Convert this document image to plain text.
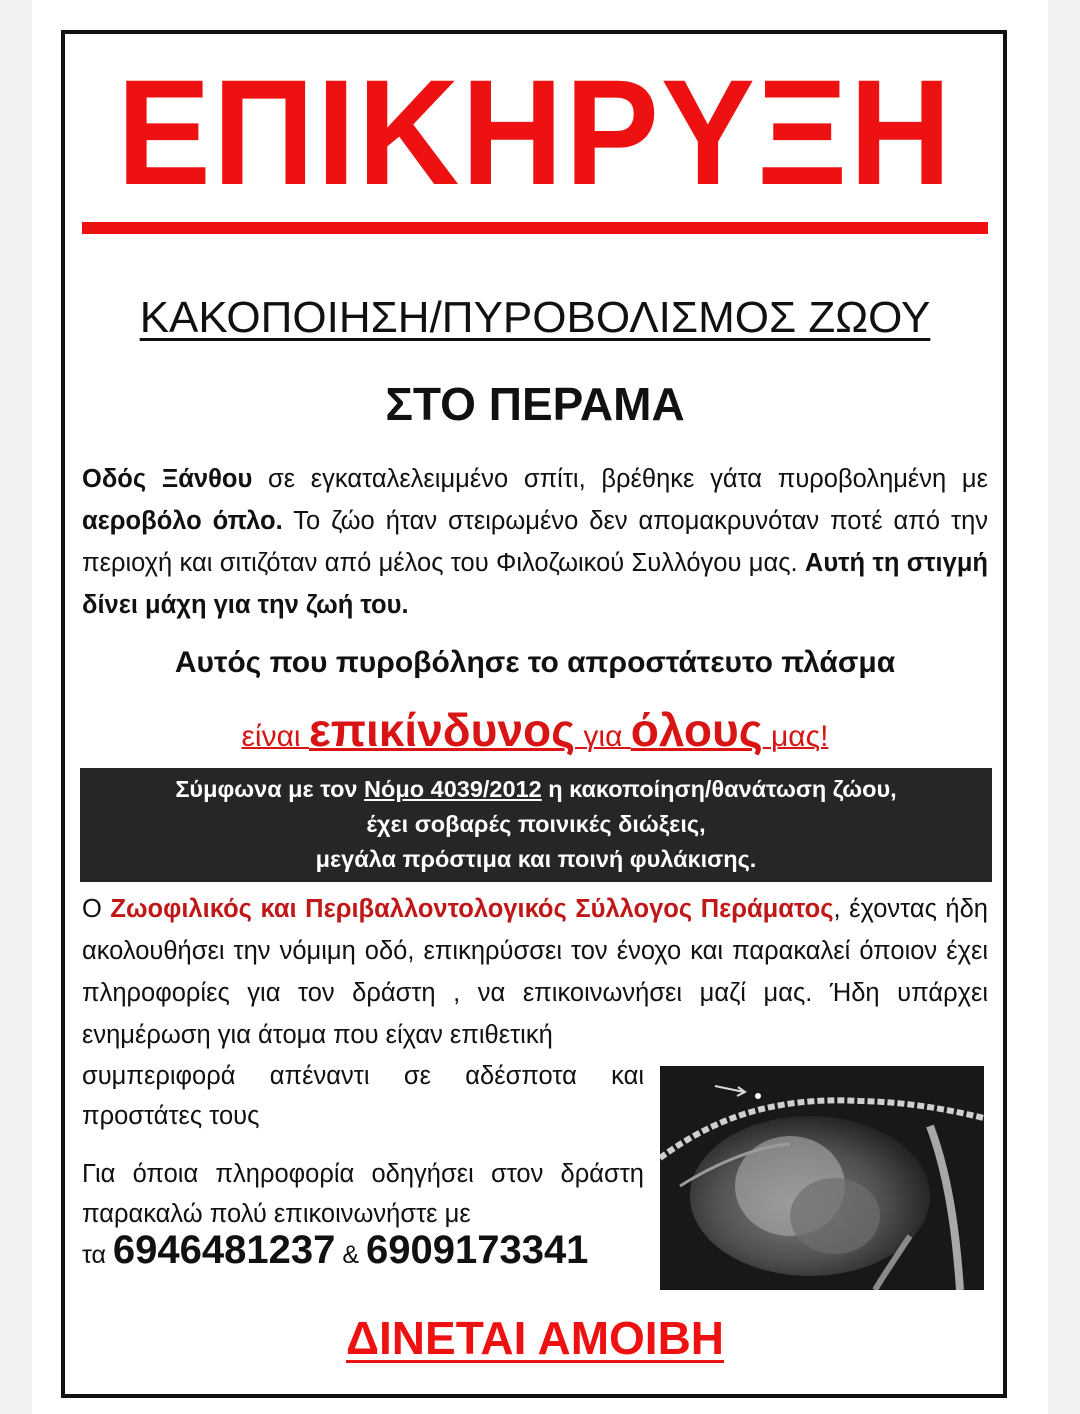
ΕΠΙΚΗΡΥΞΗ
ΚΑΚΟΠΟΙΗΣΗ/ΠΥΡΟΒΟΛΙΣΜΟΣ ΖΩΟΥ
ΣΤΟ ΠΕΡΑΜΑ
Οδός Ξάνθου σε εγκαταλελειμμένο σπίτι, βρέθηκε γάτα πυροβολημένη με αεροβόλο όπλο. Το ζώο ήταν στειρωμένο δεν απομακρυνόταν ποτέ από την περιοχή και σιτιζόταν από μέλος του Φιλοζωικού Συλλόγου μας. Αυτή τη στιγμή δίνει μάχη για την ζωή του.
Αυτός που πυροβόλησε το απροστάτευτο πλάσμα
είναι επικίνδυνος για όλους μας!
Σύμφωνα με τον Νόμο 4039/2012 η κακοποίηση/θανάτωση ζώου,
έχει σοβαρές ποινικές διώξεις,
μεγάλα πρόστιμα και ποινή φυλάκισης.
Ο Ζωοφιλικός και Περιβαλλοντολογικός Σύλλογος Περάματος, έχοντας ήδη ακολουθήσει την νόμιμη οδό, επικηρύσσει τον ένοχο και παρακαλεί όποιον έχει πληροφορίες για τον δράστη , να επικοινωνήσει μαζί μας. Ήδη υπάρχει ενημέρωση για άτομα που είχαν επιθετική

συμπεριφορά απέναντι σε αδέσποτα και προστάτες τους

Για όποια πληροφορία οδηγήσει στον δράστη παρακαλώ πολύ επικοινωνήστε με

τα 6946481237 & 6909173341
ΔΙΝΕΤΑΙ ΑΜΟΙΒΗ
